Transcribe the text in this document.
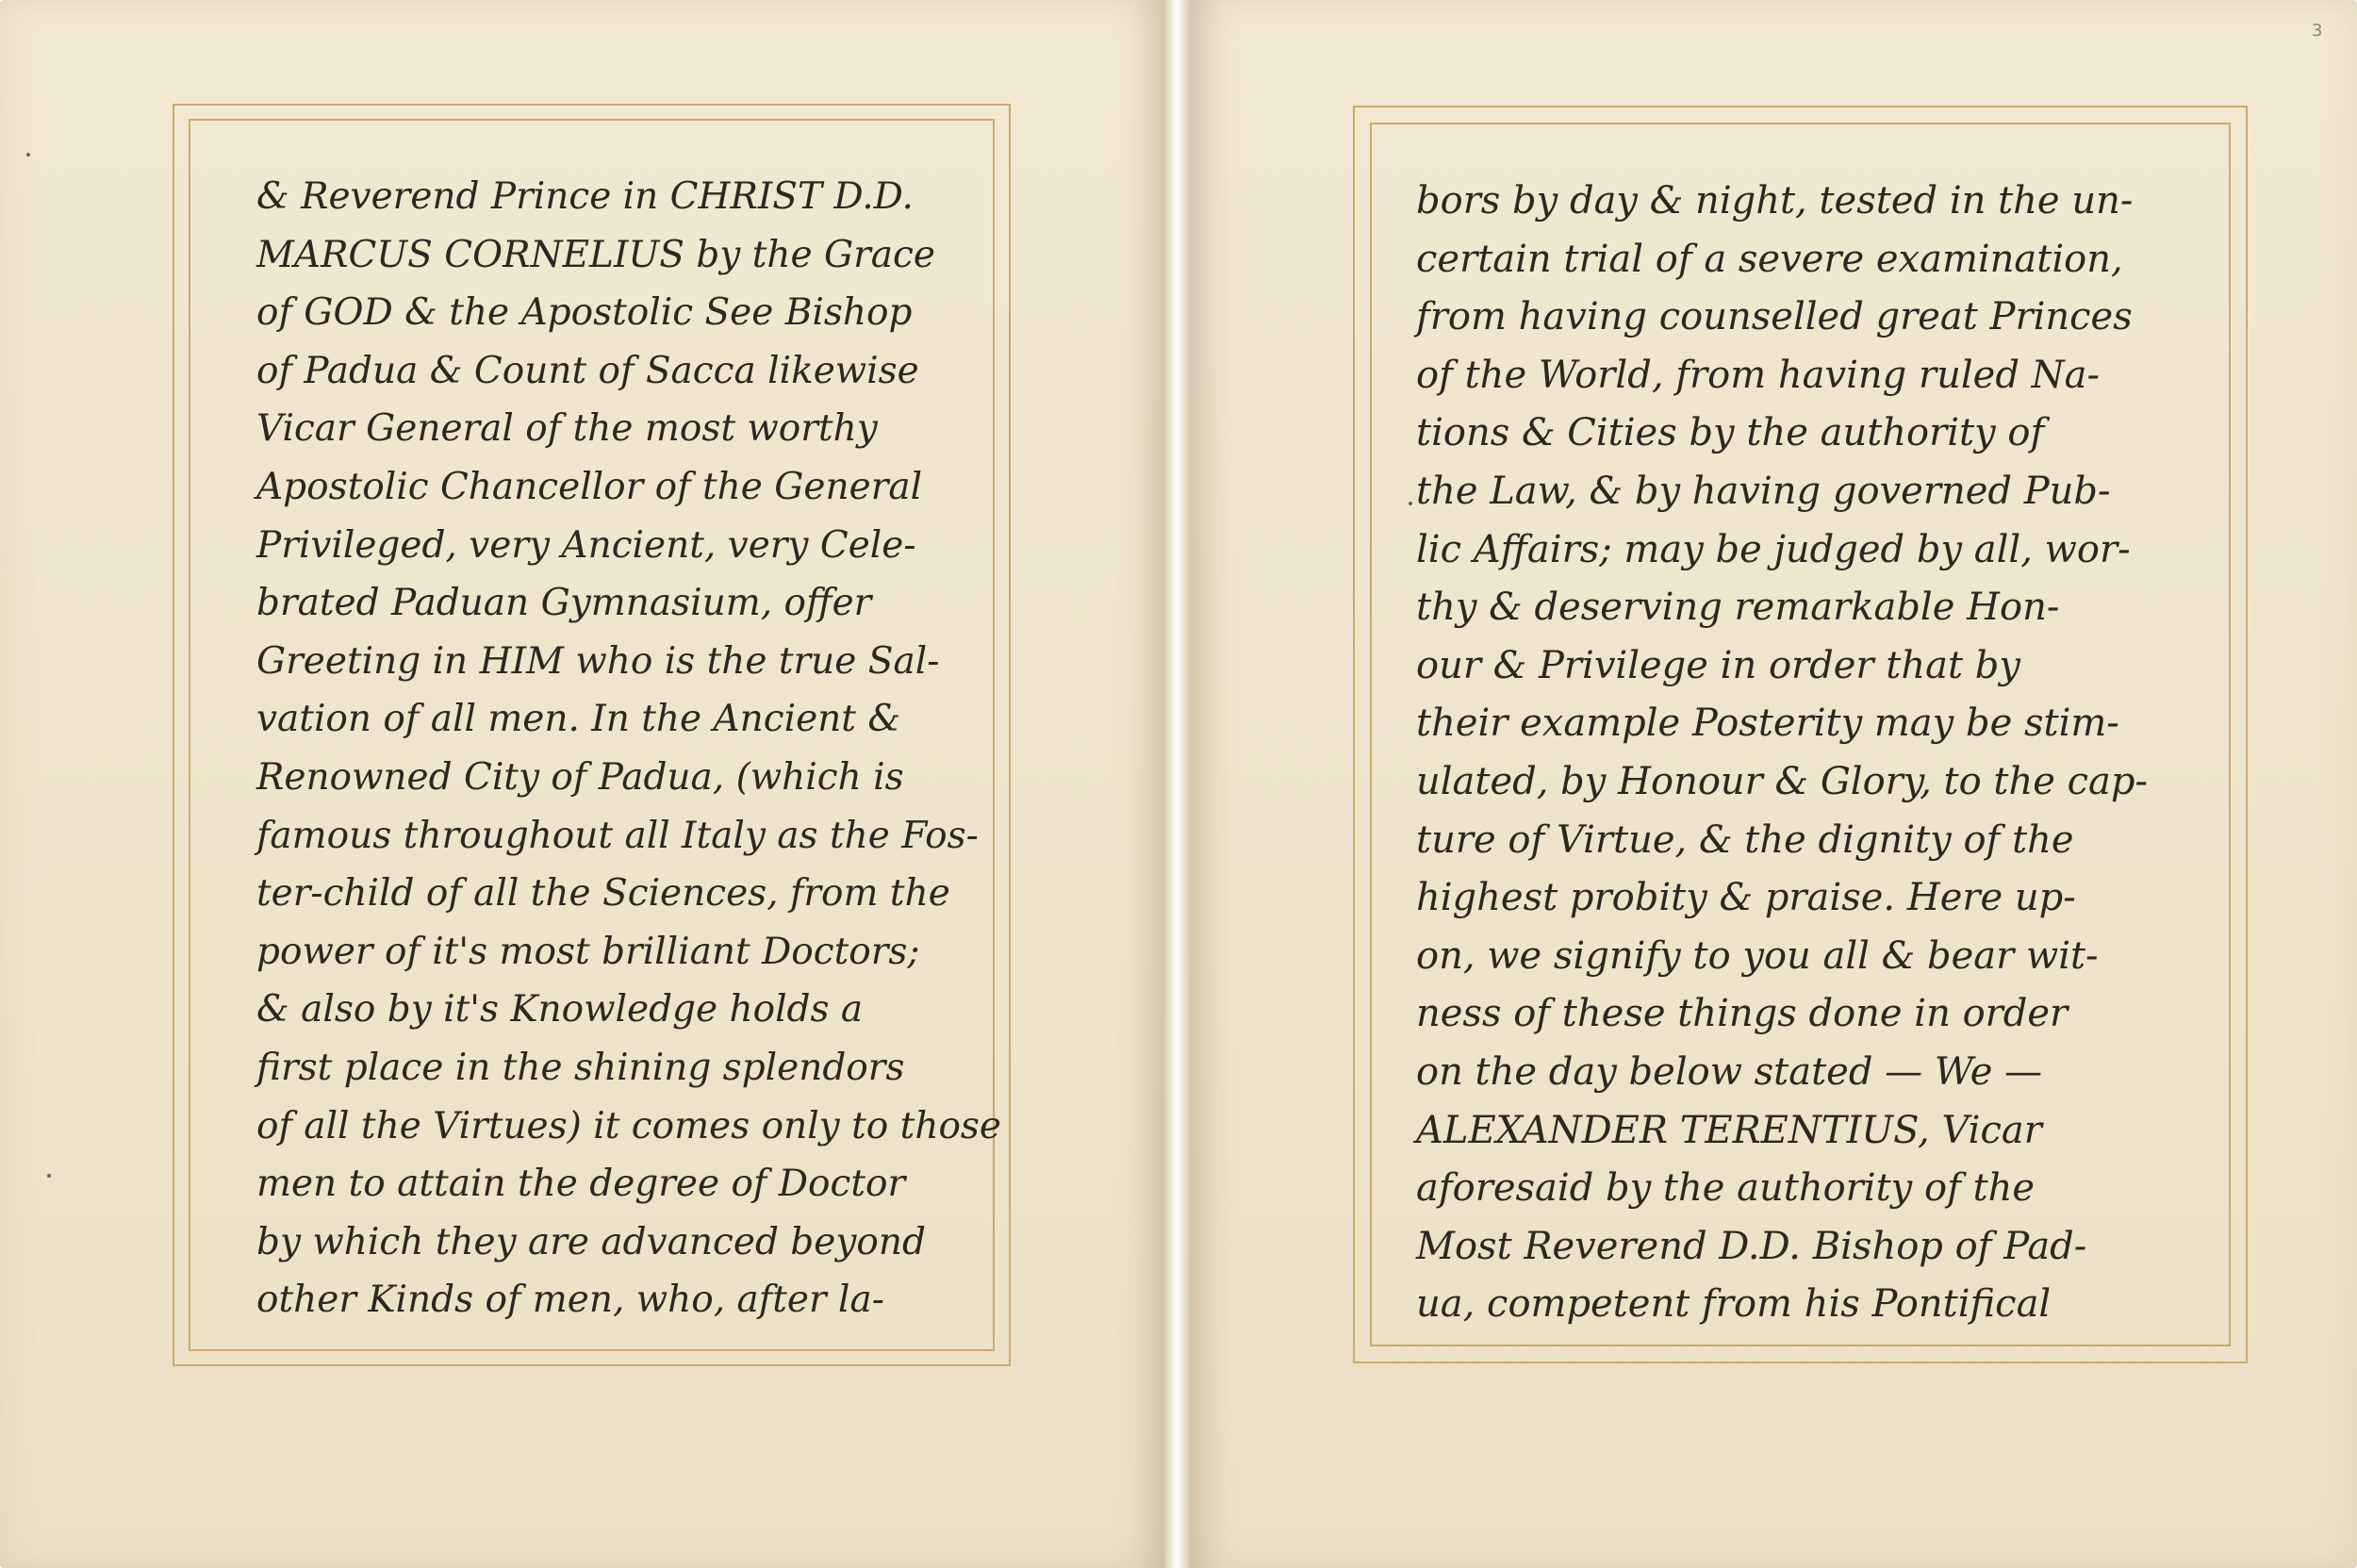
& Reverend Prince in CHRIST D.D.
MARCUS CORNELIUS by the Grace
of GOD & the Apostolic See Bishop
of Padua & Count of Sacca likewise
Vicar General of the most worthy
Apostolic Chancellor of the General
Privileged, very Ancient, very Cele-
brated Paduan Gymnasium, offer
Greeting in HIM who is the true Sal-
vation of all men. In the Ancient &
Renowned City of Padua, (which is
famous throughout all Italy as the Fos-
ter-child of all the Sciences, from the
power of it's most brilliant Doctors;
& also by it's Knowledge holds a
first place in the shining splendors
of all the Virtues) it comes only to those
men to attain the degree of Doctor
by which they are advanced beyond
other Kinds of men, who, after la-
3
bors by day & night, tested in the un-
certain trial of a severe examination,
from having counselled great Princes
of the World, from having ruled Na-
tions & Cities by the authority of
the Law, & by having governed Pub-
lic Affairs; may be judged by all, wor-
thy & deserving remarkable Hon-
our & Privilege in order that by
their example Posterity may be stim-
ulated, by Honour & Glory, to the cap-
ture of Virtue, & the dignity of the
highest probity & praise. Here up-
on, we signify to you all & bear wit-
ness of these things done in order
on the day below stated — We —
ALEXANDER TERENTIUS, Vicar
aforesaid by the authority of the
Most Reverend D.D. Bishop of Pad-
ua, competent from his Pontifical
